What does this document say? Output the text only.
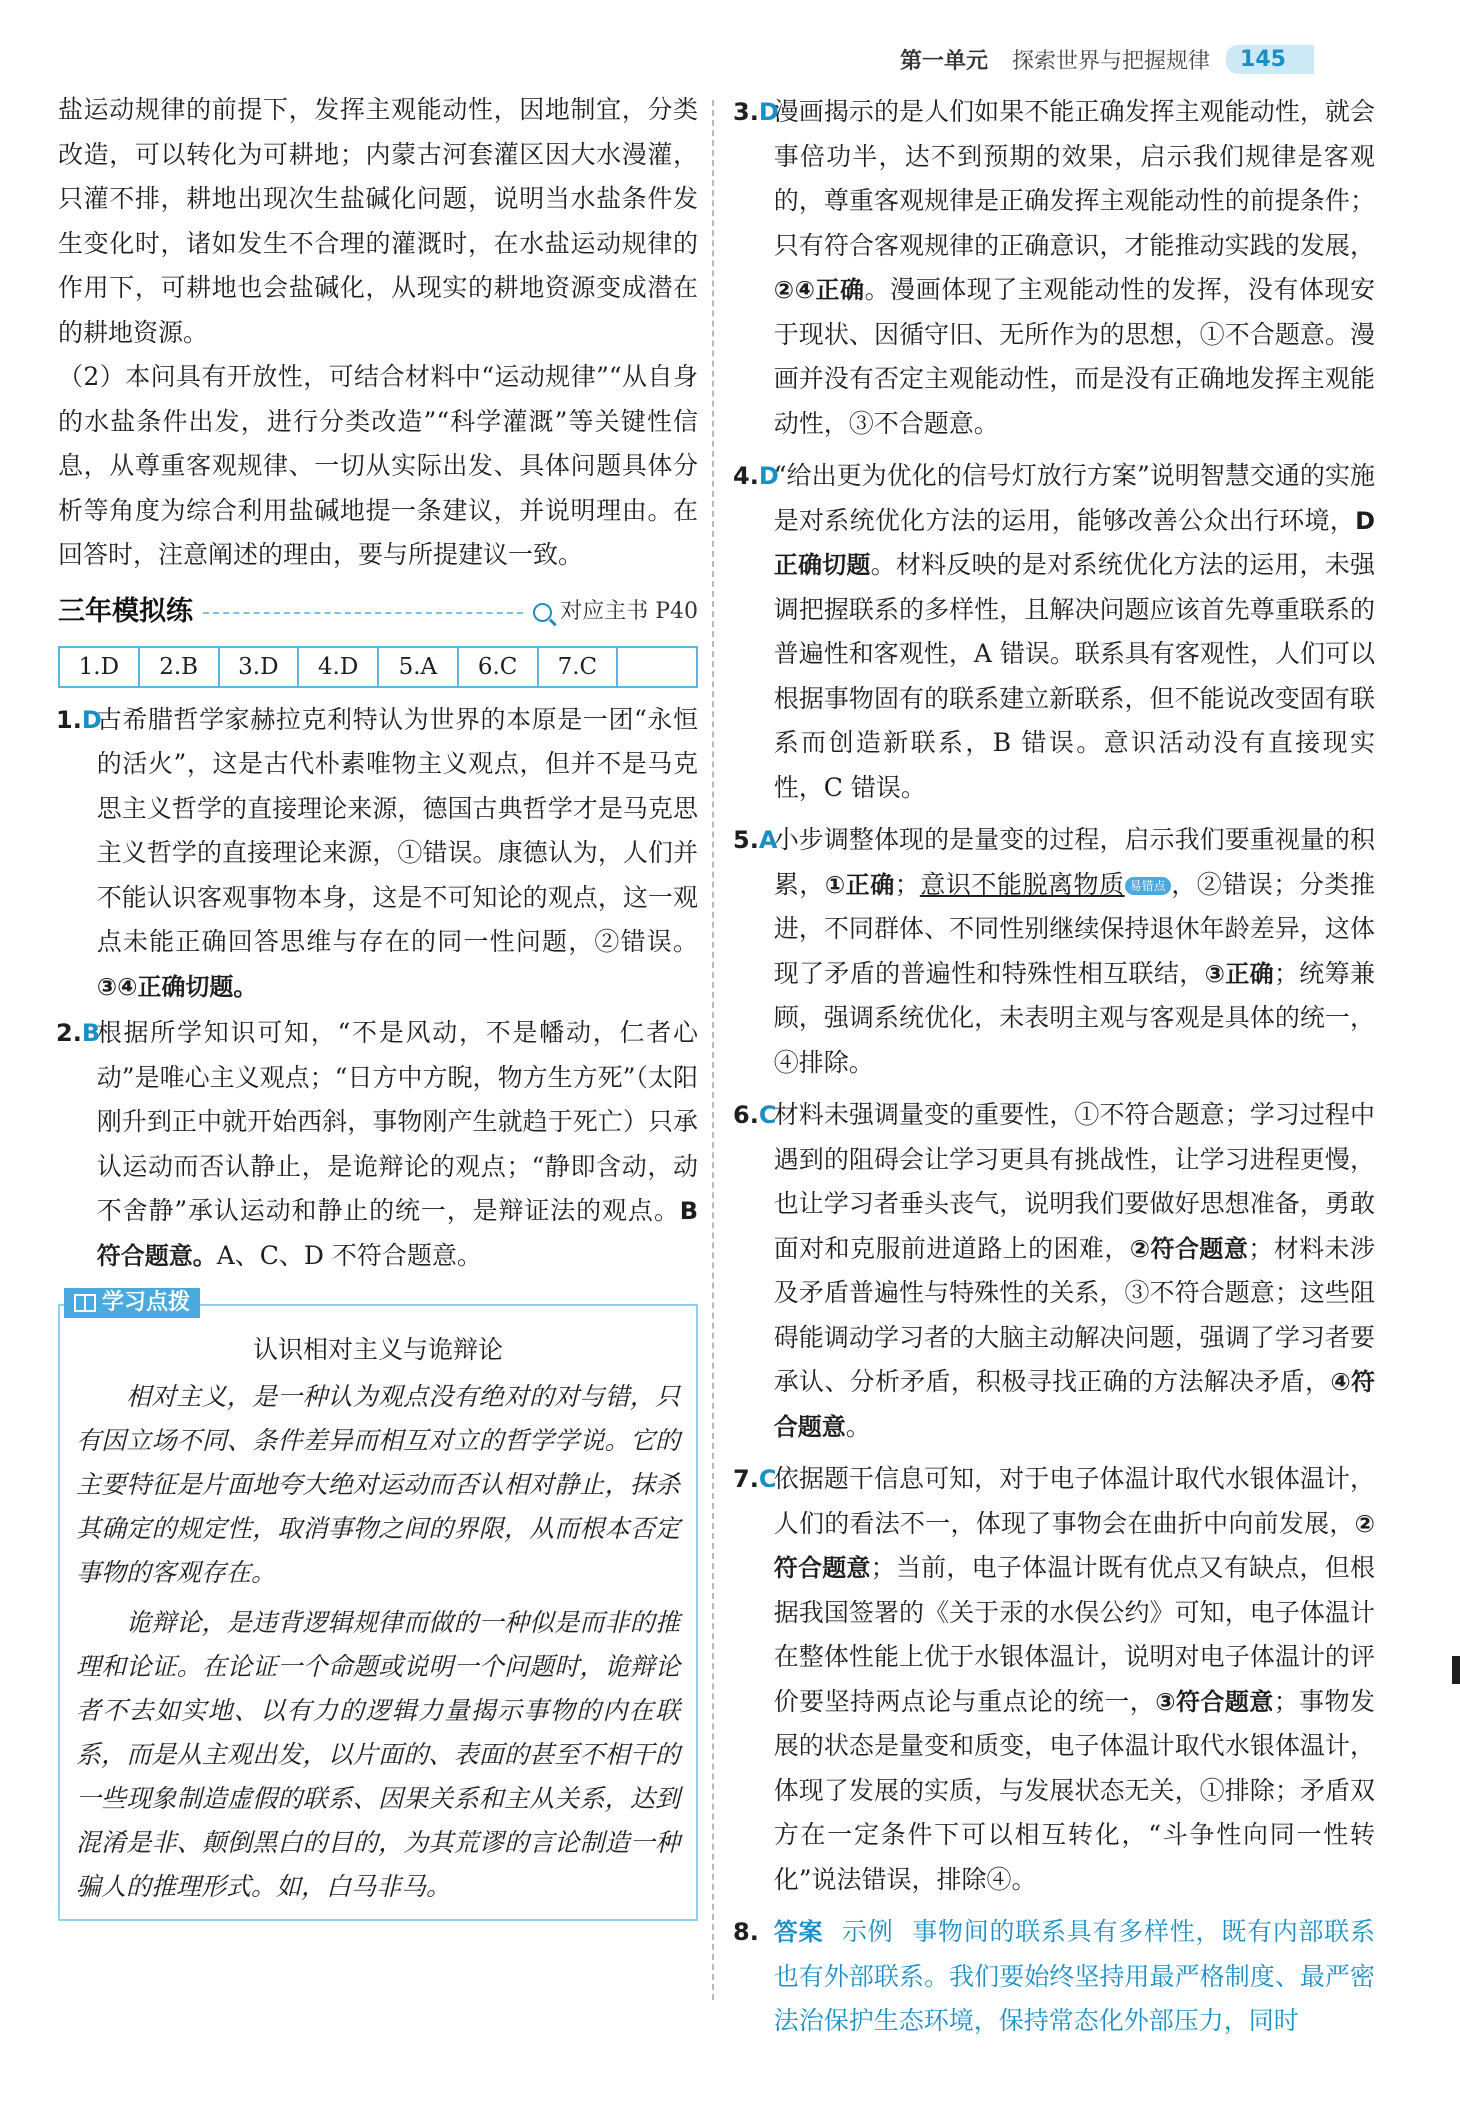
第一单元 探索世界与把握规律	145

盐运动规律的前提下，发挥主观能动性，因地制宜，分类改造，可以转化为可耕地；内蒙古河套灌区因大水漫灌，只灌不排，耕地出现次生盐碱化问题，说明当水盐条件发生变化时，诸如发生不合理的灌溉时，在水盐运动规律的作用下，可耕地也会盐碱化，从现实的耕地资源变成潜在的耕地资源。

（2）本问具有开放性，可结合材料中“运动规律”“从自身的水盐条件出发，进行分类改造”“科学灌溉”等关键性信息，从尊重客观规律、一切从实际出发、具体问题具体分析等角度为综合利用盐碱地提一条建议，并说明理由。在回答时，注意阐述的理由，要与所提建议一致。

三年模拟练	对应主书 P40
1.D	2.B	3.D	4.D	5.A	6.C	7.C
1.D
古希腊哲学家赫拉克利特认为世界的本原是一团“永恒的活火”，这是古代朴素唯物主义观点，但并不是马克思主义哲学的直接理论来源，德国古典哲学才是马克思主义哲学的直接理论来源，①错误。康德认为，人们并不能认识客观事物本身，这是不可知论的观点，这一观点未能正确回答思维与存在的同一性问题，②错误。③④正确切题。
2.B
根据所学知识可知，“不是风动，不是幡动，仁者心动”是唯心主义观点；“日方中方睨，物方生方死”（太阳刚升到正中就开始西斜，事物刚产生就趋于死亡）只承认运动而否认静止，是诡辩论的观点；“静即含动，动不舍静”承认运动和静止的统一，是辩证法的观点。B 符合题意。A、C、D 不符合题意。
学习点拨
认识相对主义与诡辩论

相对主义，是一种认为观点没有绝对的对与错，只有因立场不同、条件差异而相互对立的哲学学说。它的主要特征是片面地夸大绝对运动而否认相对静止，抹杀其确定的规定性，取消事物之间的界限，从而根本否定事物的客观存在。

诡辩论，是违背逻辑规律而做的一种似是而非的推理和论证。在论证一个命题或说明一个问题时，诡辩论者不去如实地、以有力的逻辑力量揭示事物的内在联系，而是从主观出发，以片面的、表面的甚至不相干的一些现象制造虚假的联系、因果关系和主从关系，达到混淆是非、颠倒黑白的目的，为其荒谬的言论制造一种骗人的推理形式。如，白马非马。

3.D
漫画揭示的是人们如果不能正确发挥主观能动性，就会事倍功半，达不到预期的效果，启示我们规律是客观的，尊重客观规律是正确发挥主观能动性的前提条件；只有符合客观规律的正确意识，才能推动实践的发展，②④正确。漫画体现了主观能动性的发挥，没有体现安于现状、因循守旧、无所作为的思想，①不合题意。漫画并没有否定主观能动性，而是没有正确地发挥主观能动性，③不合题意。
4.D
“给出更为优化的信号灯放行方案”说明智慧交通的实施是对系统优化方法的运用，能够改善公众出行环境，D 正确切题。材料反映的是对系统优化方法的运用，未强调把握联系的多样性，且解决问题应该首先尊重联系的普遍性和客观性，A 错误。联系具有客观性，人们可以根据事物固有的联系建立新联系，但不能说改变固有联系而创造新联系，B 错误。意识活动没有直接现实性，C 错误。
5.A
小步调整体现的是量变的过程，启示我们要重视量的积累，①正确；意识不能脱离物质 易错点 ，②错误；分类推进，不同群体、不同性别继续保持退休年龄差异，这体现了矛盾的普遍性和特殊性相互联结，③正确；统筹兼顾，强调系统优化，未表明主观与客观是具体的统一，④排除。
6.C
材料未强调量变的重要性，①不符合题意；学习过程中遇到的阻碍会让学习更具有挑战性，让学习进程更慢，也让学习者垂头丧气，说明我们要做好思想准备，勇敢面对和克服前进道路上的困难，②符合题意；材料未涉及矛盾普遍性与特殊性的关系，③不符合题意；这些阻碍能调动学习者的大脑主动解决问题，强调了学习者要承认、分析矛盾，积极寻找正确的方法解决矛盾，④符合题意。
7.C
依据题干信息可知，对于电子体温计取代水银体温计，人们的看法不一，体现了事物会在曲折中向前发展，②符合题意；当前，电子体温计既有优点又有缺点，但根据我国签署的《关于汞的水俣公约》可知，电子体温计在整体性能上优于水银体温计，说明对电子体温计的评价要坚持两点论与重点论的统一，③符合题意；事物发展的状态是量变和质变，电子体温计取代水银体温计，体现了发展的实质，与发展状态无关，①排除；矛盾双方在一定条件下可以相互转化，“斗争性向同一性转化”说法错误，排除④。
8. 答案 示例 事物间的联系具有多样性，既有内部联系也有外部联系。我们要始终坚持用最严格制度、最严密法治保护生态环境，保持常态化外部压力，同时
